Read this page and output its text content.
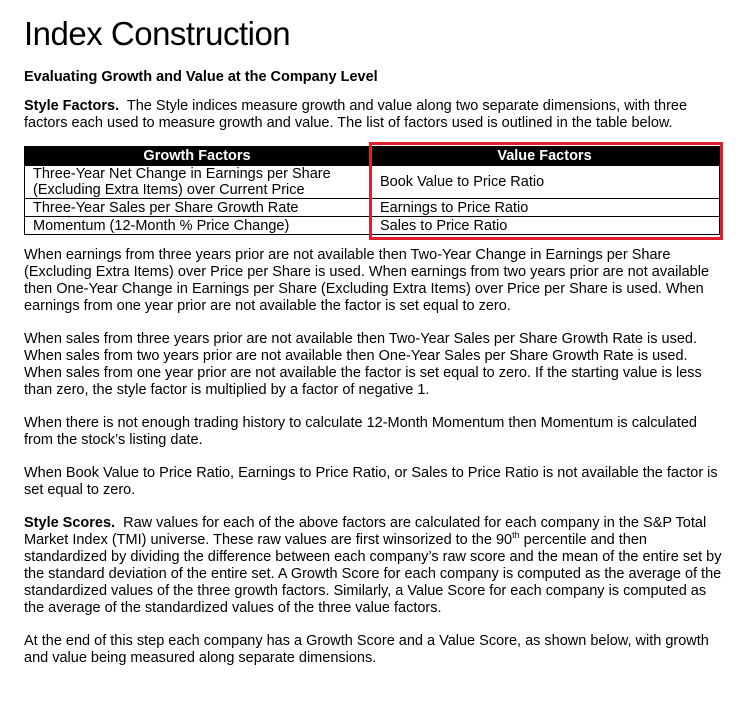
Index Construction
Evaluating Growth and Value at the Company Level

Style Factors. The Style indices measure growth and value along two separate dimensions, with three factors each used to measure growth and value. The list of factors used is outlined in the table below.

Growth Factors	Value Factors
Three-Year Net Change in Earnings per Share (Excluding Extra Items) over Current Price	Book Value to Price Ratio
Three-Year Sales per Share Growth Rate	Earnings to Price Ratio
Momentum (12-Month % Price Change)	Sales to Price Ratio

When earnings from three years prior are not available then Two-Year Change in Earnings per Share (Excluding Extra Items) over Price per Share is used. When earnings from two years prior are not available then One-Year Change in Earnings per Share (Excluding Extra Items) over Price per Share is used. When earnings from one year prior are not available the factor is set equal to zero.

When sales from three years prior are not available then Two-Year Sales per Share Growth Rate is used. When sales from two years prior are not available then One-Year Sales per Share Growth Rate is used. When sales from one year prior are not available the factor is set equal to zero. If the starting value is less than zero, the style factor is multiplied by a factor of negative 1.

When there is not enough trading history to calculate 12-Month Momentum then Momentum is calculated from the stock’s listing date.

When Book Value to Price Ratio, Earnings to Price Ratio, or Sales to Price Ratio is not available the factor is set equal to zero.

Style Scores. Raw values for each of the above factors are calculated for each company in the S&P Total Market Index (TMI) universe. These raw values are first winsorized to the 90th percentile and then standardized by dividing the difference between each company’s raw score and the mean of the entire set by the standard deviation of the entire set. A Growth Score for each company is computed as the average of the standardized values of the three growth factors. Similarly, a Value Score for each company is computed as the average of the standardized values of the three value factors.

At the end of this step each company has a Growth Score and a Value Score, as shown below, with growth and value being measured along separate dimensions.
